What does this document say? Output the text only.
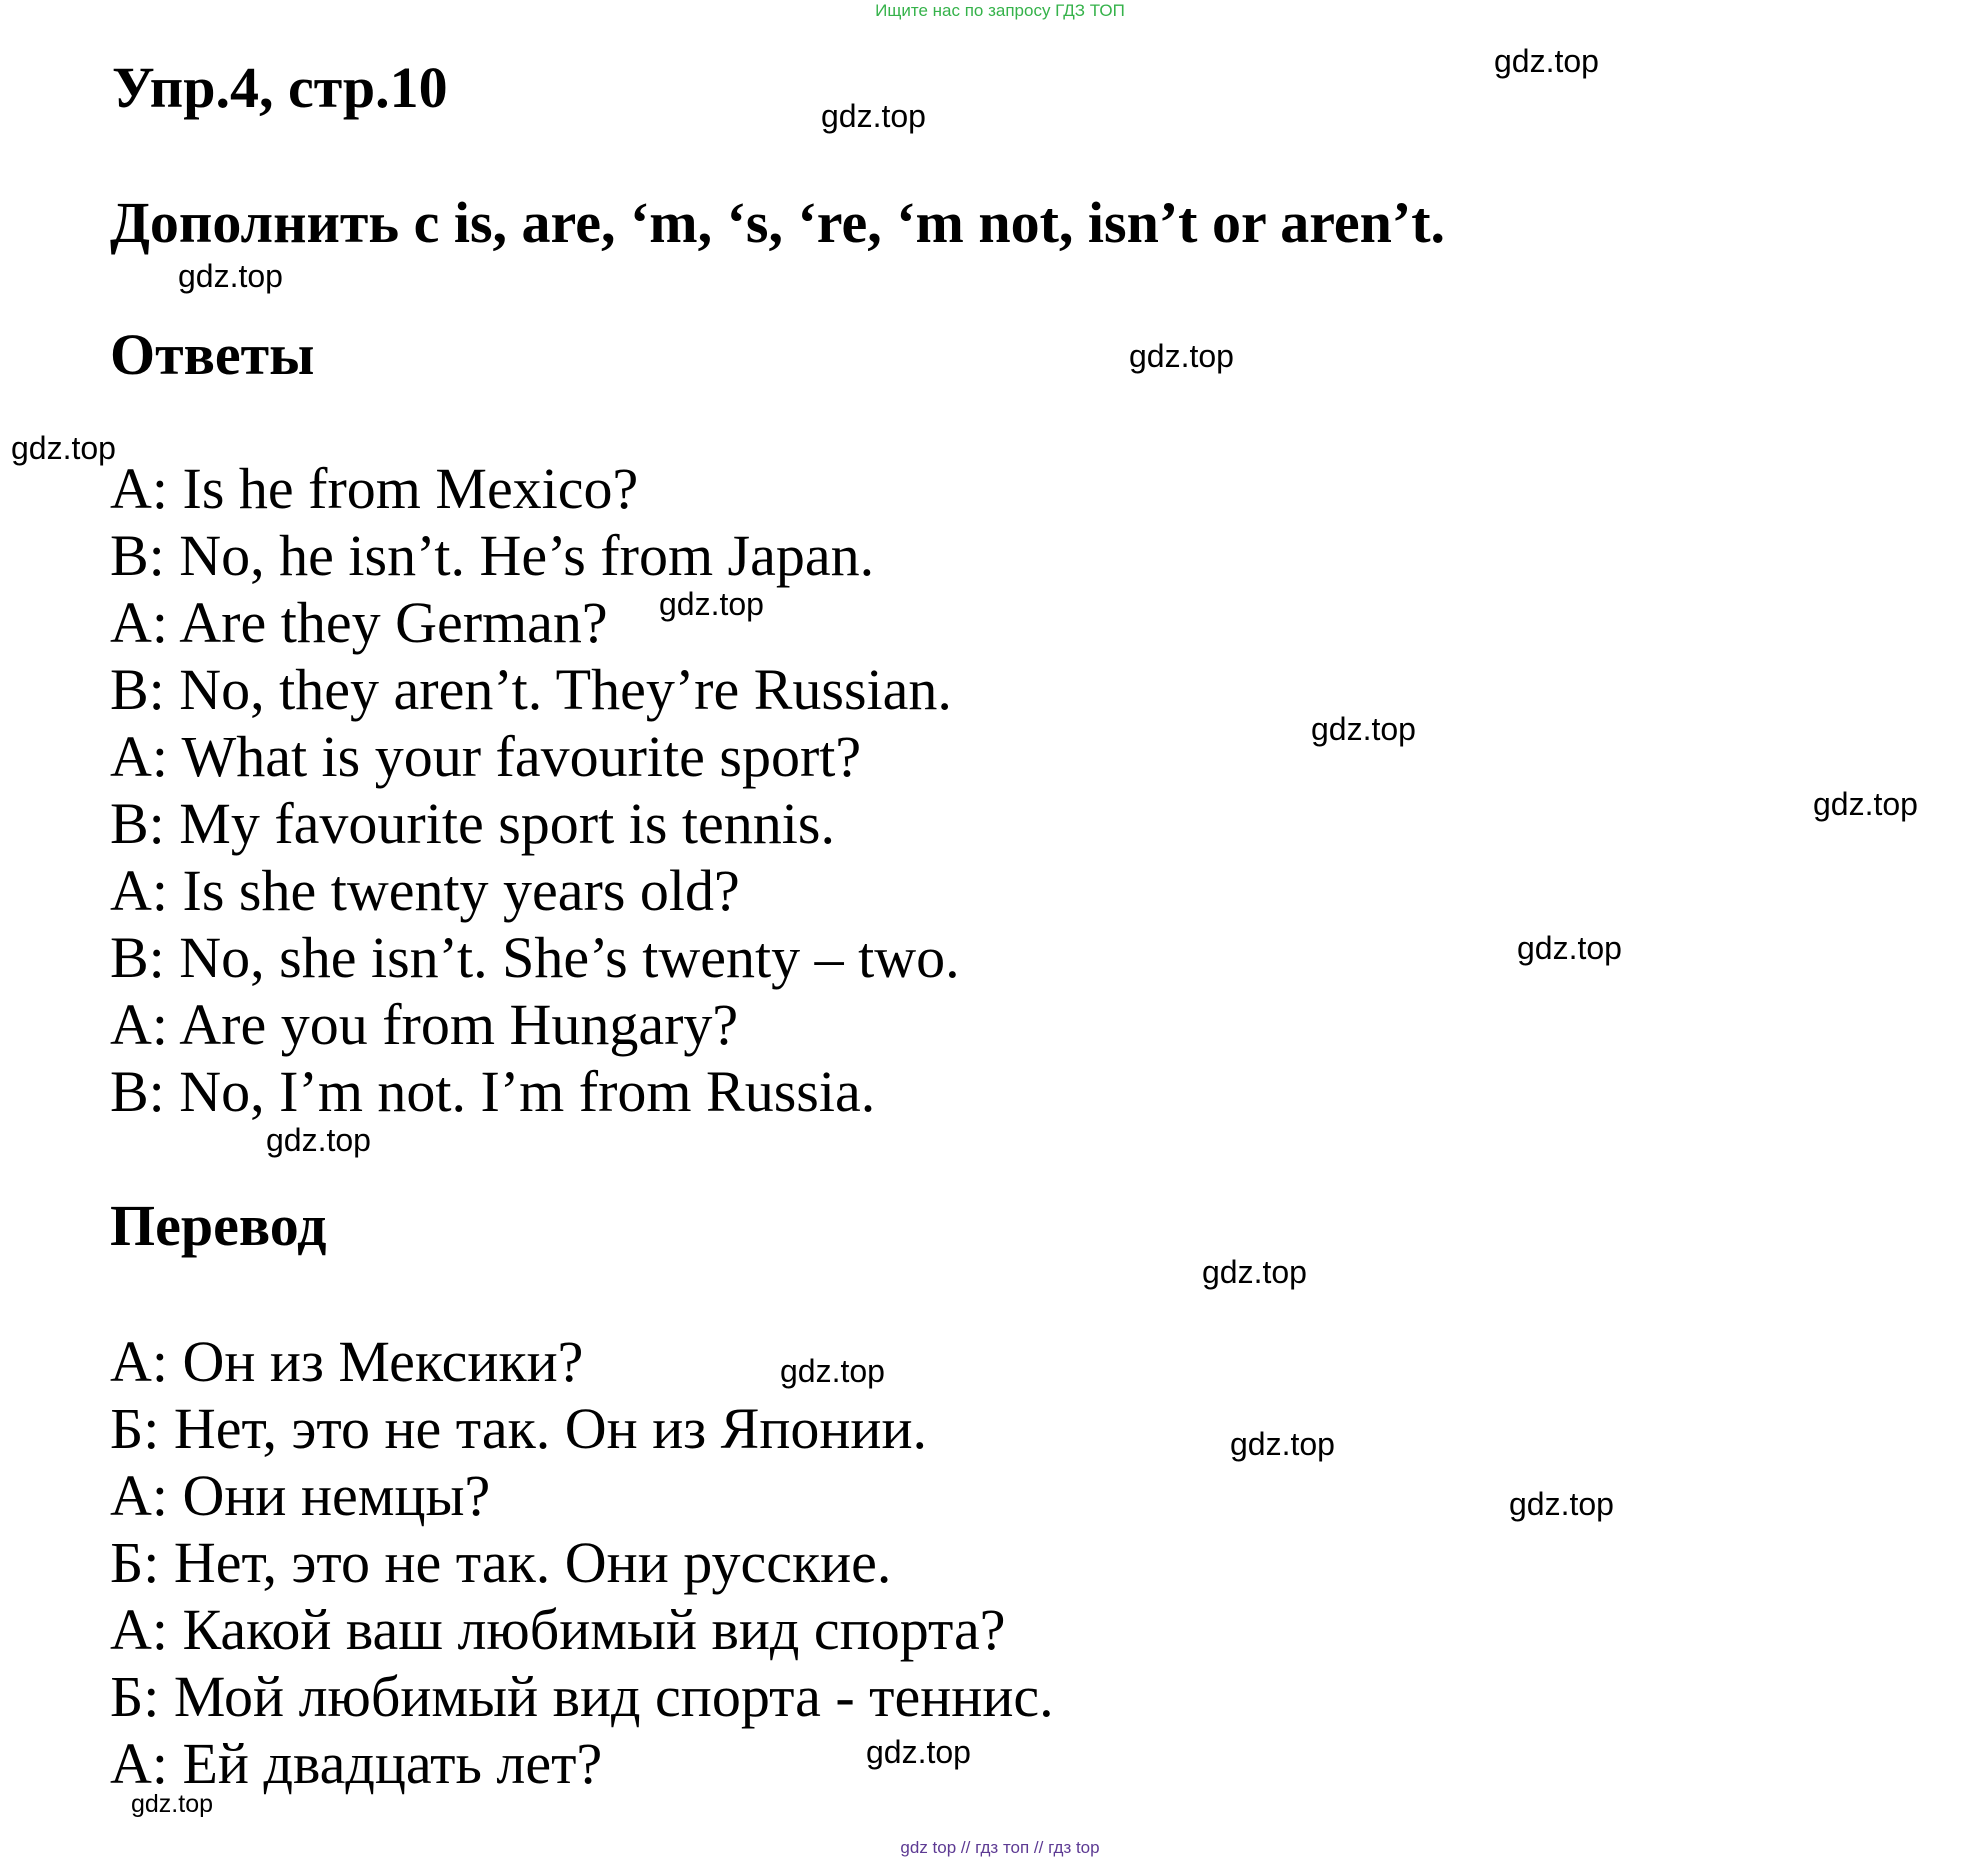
Ищите нас по запросу ГДЗ ТОП
Упр.4, стр.10
Дополнить с is, are, ‘m, ‘s, ‘re, ‘m not, isn’t or aren’t.
Ответы
A: Is he from Mexico?
B: No, he isn’t. He’s from Japan.
A: Are they German?
B: No, they aren’t. They’re Russian.
A: What is your favourite sport?
B: My favourite sport is tennis.
A: Is she twenty years old?
B: No, she isn’t. She’s twenty – two.
A: Are you from Hungary?
B: No, I’m not. I’m from Russia.
Перевод
А: Он из Мексики?
Б: Нет, это не так. Он из Японии.
А: Они немцы?
Б: Нет, это не так. Они русские.
А: Какой ваш любимый вид спорта?
Б: Мой любимый вид спорта - теннис.
А: Ей двадцать лет?
gdz.top
gdz.top
gdz.top
gdz.top
gdz.top
gdz.top
gdz.top
gdz.top
gdz.top
gdz.top
gdz.top
gdz.top
gdz.top
gdz.top
gdz.top
gdz.top
gdz top // гдз топ // гдз top
